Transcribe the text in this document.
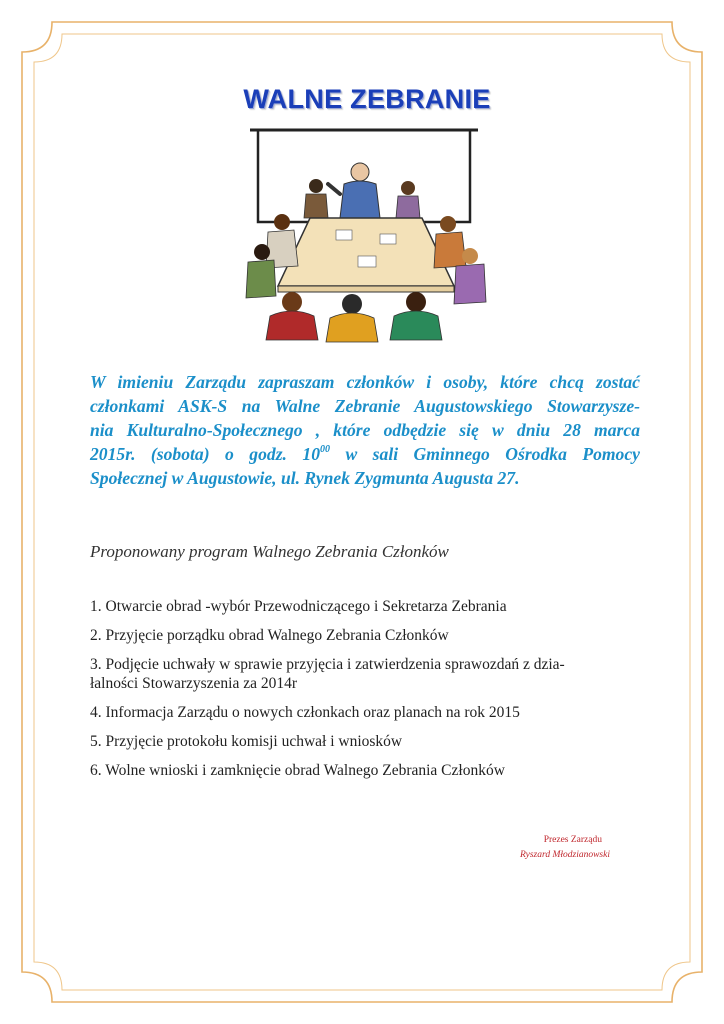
WALNE ZEBRANIE
W imieniu Zarządu zapraszam członków i osoby, które chcą zostać
członkami ASK-S na Walne Zebranie Augustowskiego Stowarzysze-
nia Kulturalno-Społecznego , które odbędzie się w dniu 28 marca
2015r. (sobota) o godz. $10^{00}$ w sali Gminnego Ośrodka Pomocy
Społecznej w Augustowie, ul. Rynek Zygmunta Augusta 27.
Proponowany program Walnego Zebrania Członków
1. Otwarcie obrad -wybór Przewodniczącego i Sekretarza Zebrania
2. Przyjęcie porządku obrad Walnego Zebrania Członków
3. Podjęcie uchwały w sprawie przyjęcia i zatwierdzenia sprawozdań z dzia-
łalności Stowarzyszenia za 2014r
4. Informacja Zarządu o nowych członkach oraz planach na rok 2015
5. Przyjęcie protokołu komisji uchwał i wniosków
6. Wolne wnioski i zamknięcie obrad Walnego Zebrania Członków
Prezes Zarządu
Ryszard Młodzianowski
